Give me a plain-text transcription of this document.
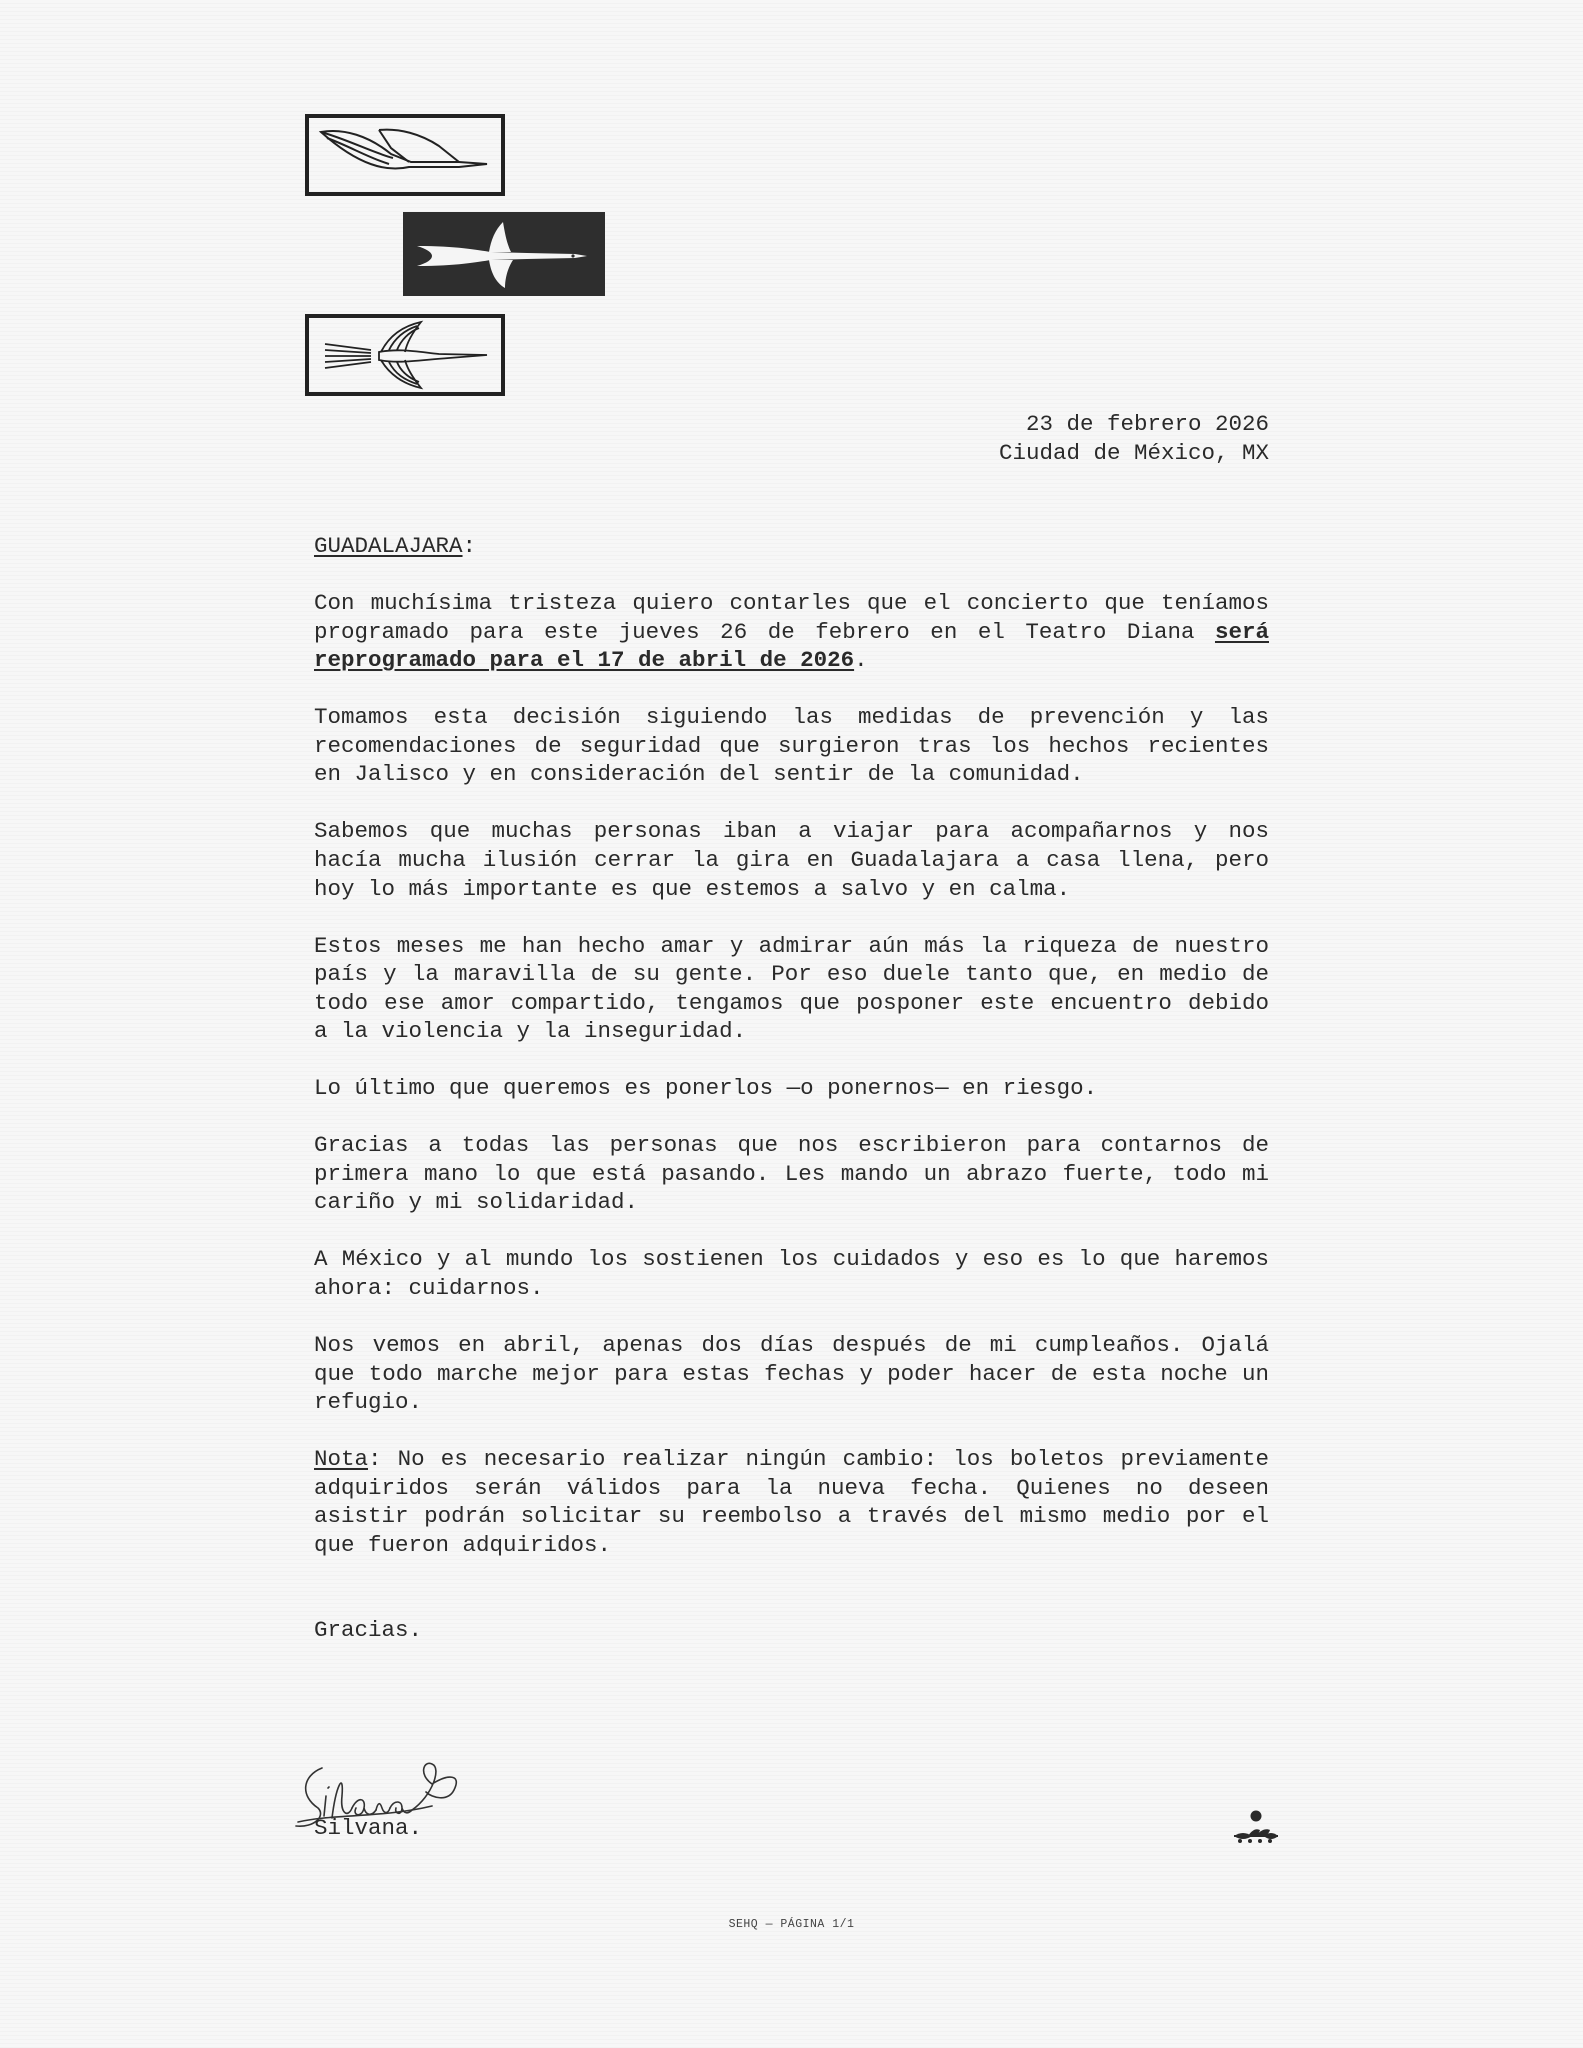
23 de febrero 2026
Ciudad de México, MX

GUADALAJARA:

Con muchísima tristeza quiero contarles que el concierto que teníamos programado para este jueves 26 de febrero en el Teatro Diana será reprogramado para el 17 de abril de 2026.

Tomamos esta decisión siguiendo las medidas de prevención y las recomendaciones de seguridad que surgieron tras los hechos recientes en Jalisco y en consideración del sentir de la comunidad.

Sabemos que muchas personas iban a viajar para acompañarnos y nos hacía mucha ilusión cerrar la gira en Guadalajara a casa llena, pero hoy lo más importante es que estemos a salvo y en calma.

Estos meses me han hecho amar y admirar aún más la riqueza de nuestro país y la maravilla de su gente. Por eso duele tanto que, en medio de todo ese amor compartido, tengamos que posponer este encuentro debido a la violencia y la inseguridad.

Lo último que queremos es ponerlos —o ponernos— en riesgo.

Gracias a todas las personas que nos escribieron para contarnos de primera mano lo que está pasando. Les mando un abrazo fuerte, todo mi cariño y mi solidaridad.

A México y al mundo los sostienen los cuidados y eso es lo que haremos ahora: cuidarnos.

Nos vemos en abril, apenas dos días después de mi cumpleaños. Ojalá que todo marche mejor para estas fechas y poder hacer de esta noche un refugio.

Nota: No es necesario realizar ningún cambio: los boletos previamente adquiridos serán válidos para la nueva fecha. Quienes no deseen asistir podrán solicitar su reembolso a través del mismo medio por el que fueron adquiridos.

Gracias.

Silvana.
SEHQ — PÁGINA 1/1
